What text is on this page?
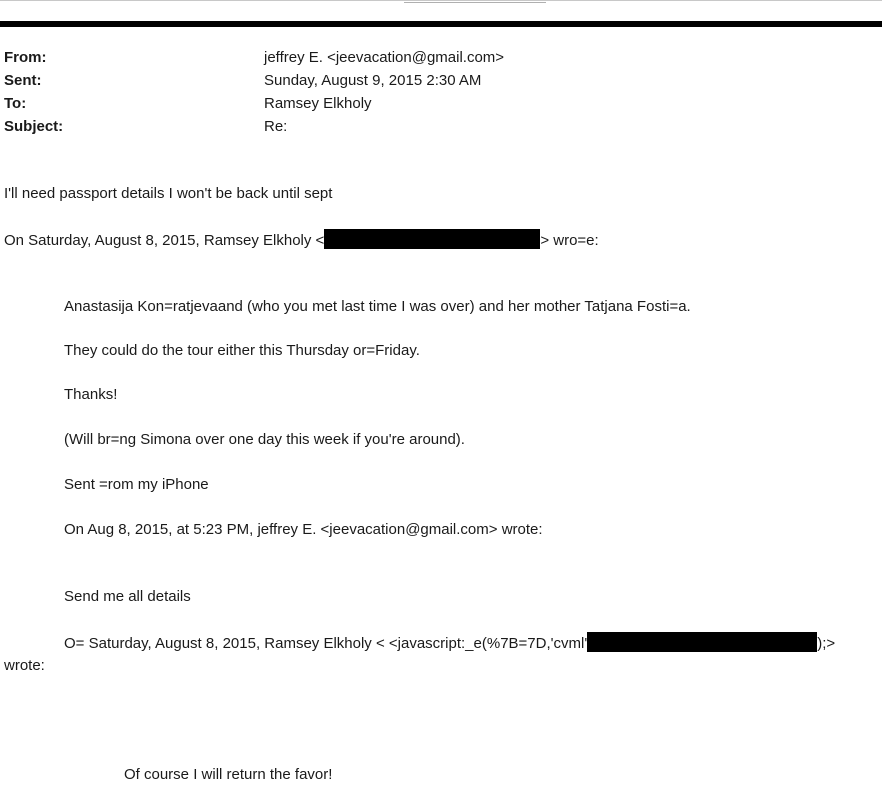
From:	jeffrey E. <jeevacation@gmail.com>
Sent:	Sunday, August 9, 2015 2:30 AM
To:	Ramsey Elkholy
Subject:	Re:
I'll need passport details I won't be back until sept
On Saturday, August 8, 2015, Ramsey Elkholy <	> wro=e:
Anastasija Kon=ratjevaand (who you met last time I was over) and her mother Tatjana Fosti=a.
They could do the tour either this Thursday or=Friday.
Thanks!
(Will br=ng Simona over one day this week if you're around).
Sent =rom my iPhone
On Aug 8, 2015, at 5:23 PM, jeffrey E. <jeevacation@gmail.com> wrote:
Send me all details
O= Saturday, August 8, 2015, Ramsey Elkholy < <javascript:_e(%7B=7D,'cvml'	);>
wrote:
Of course I will return the favor!
